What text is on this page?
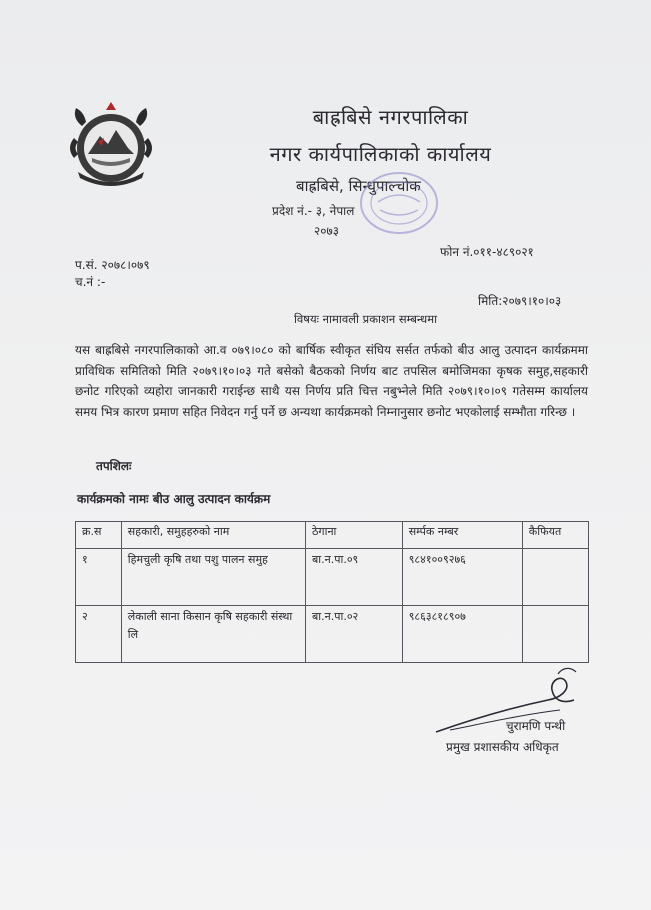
बाह्रबिसे नगरपालिका
नगर कार्यपालिकाको कार्यालय
बाह्रबिसे, सिन्धुपाल्चोक
प्रदेश नं.- ३, नेपाल
२०७३
फोन नं.०११-४८९०२१
प.सं. २०७८।०७९
च.नं :-
मिति:२०७९।१०।०३
विषयः नामावली प्रकाशन सम्बन्धमा
यस बाह्रबिसे नगरपालिकाको आ.व ०७९।०८० को बार्षिक स्वीकृत संघिय सर्सत तर्फको बीउ आलु उत्पादन कार्यक्रममा प्राविधिक समितिको मिति २०७९।१०।०३ गते बसेको बैठकको निर्णय बाट तपसिल बमोजिमका कृषक समुह,सहकारी छनोट गरिएको व्यहोरा जानकारी गराईन्छ साथै यस निर्णय प्रति चित्त नबुभ्नेले मिति २०७९।१०।०९ गतेसम्म कार्यालय समय भित्र कारण प्रमाण सहित निवेदन गर्नु पर्ने छ अन्यथा कार्यक्रमको निम्नानुसार छनोट भएकोलाई सम्भौता गरिन्छ ।
तपशिलः
कार्यक्रमको नामः बीउ आलु उत्पादन कार्यक्रम
क्र.स	सहकारी, समुहहरुको नाम	ठेगाना	सर्म्पक नम्बर	कैफियत
१	हिमचुली कृषि तथा पशु पालन समुह	बा.न.पा.०९	९८४१००९२७६	
२	लेकाली साना किसान कृषि सहकारी संस्था लि	बा.न.पा.०२	९८६३८१८९०७	
चुरामणि पन्थी
प्रमुख प्रशासकीय अधिकृत
